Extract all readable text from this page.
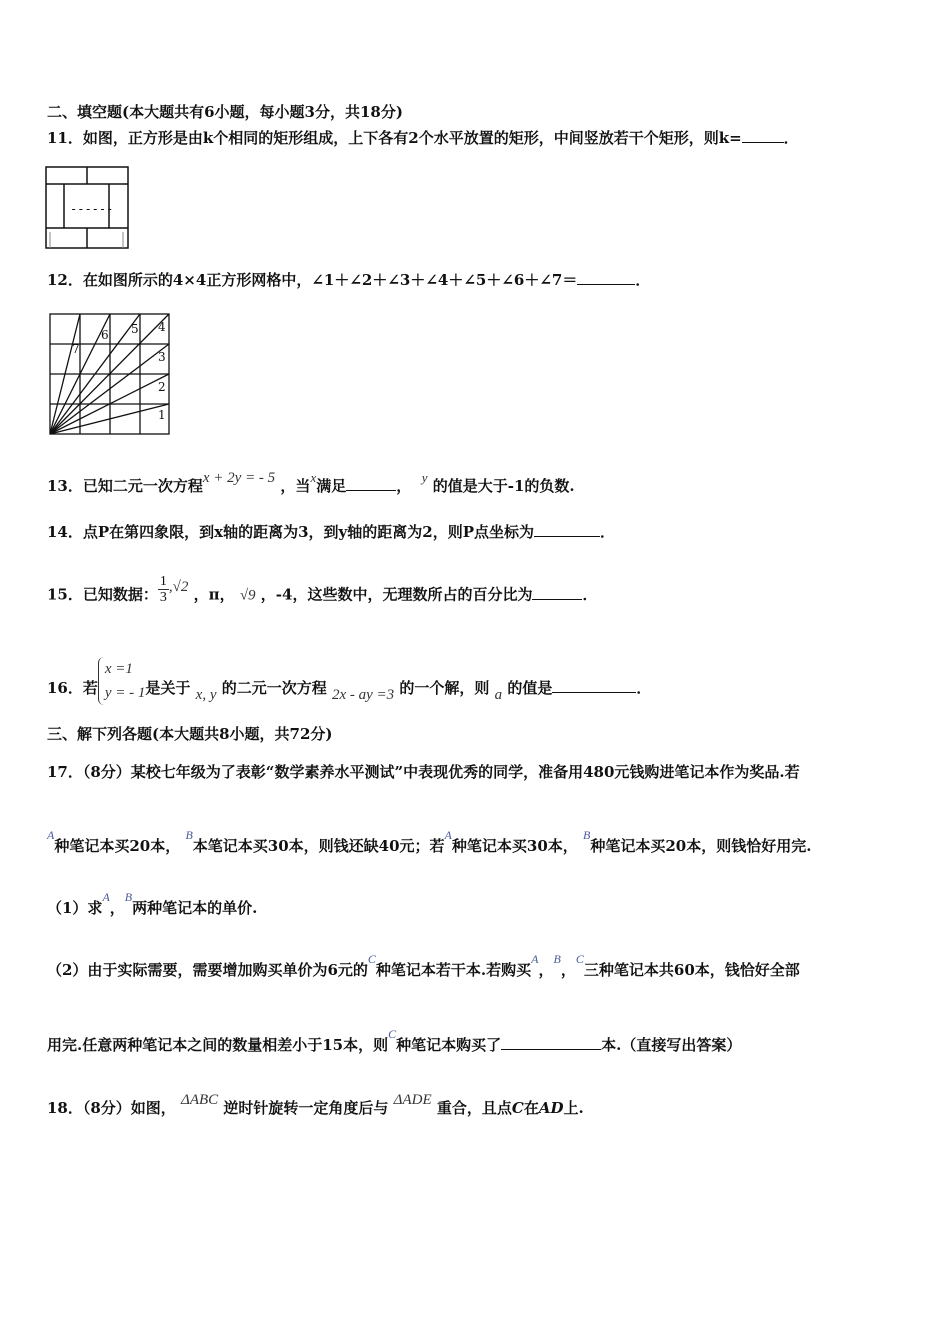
二、填空题(本大题共有6小题，每小题3分，共18分)
11．如图，正方形是由k个相同的矩形组成，上下各有2个水平放置的矩形，中间竖放若干个矩形，则k=	．
------
12．在如图所示的4×4正方形网格中，∠1＋∠2＋∠3＋∠4＋∠5＋∠6＋∠7＝	．
1
2
3
4
5
6
7
13．已知二元一次方程x + 2y = - 5 ，当x满足	， y 的值是大于-1的负数.
14．点P在第四象限，到x轴的距离为3，到y轴的距离为2，则P点坐标为	．
15．已知数据： $\frac{1}{3} ,√2$ ，π， √9 ，-4，这些数中，无理数所占的百分比为	．
16．若
x =1
y = - 1 是关于 x, y 的二元一次方程 2x - ay =3 的一个解，则 a 的值是	．
三、解下列各题(本大题共8小题，共72分)
17．（8分）某校七年级为了表彰“数学素养水平测试”中表现优秀的同学，准备用480元钱购进笔记本作为奖品.若
$^A$种笔记本买20本， $^B$本笔记本买30本，则钱还缺40元；若$^A$种笔记本买30本， $^B$种笔记本买20本，则钱恰好用完.
（1）求$^A$，$^B$两种笔记本的单价.
（2）由于实际需要，需要增加购买单价为6元的$^C$种笔记本若干本.若购买$^A$，$^B$，$^C$三种笔记本共60本，钱恰好全部
用完.任意两种笔记本之间的数量相差小于15本，则$^C$种笔记本购买了	本.（直接写出答案）
18．（8分）如图， ΔABC 逆时针旋转一定角度后与 ΔADE 重合，且点C在AD上.
